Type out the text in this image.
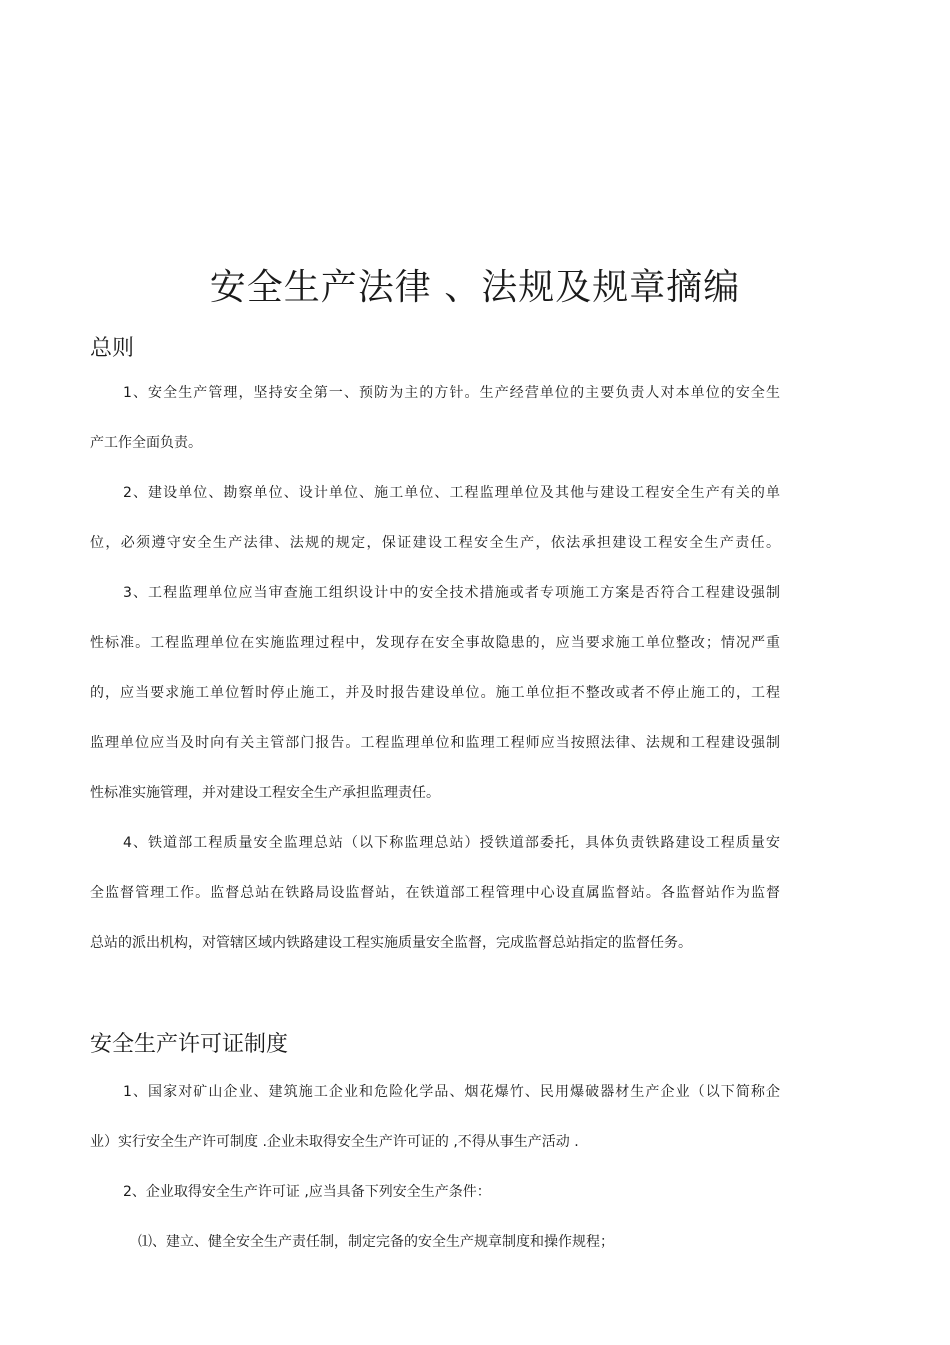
安全生产法律 、法规及规章摘编
总则

1、安全生产管理，坚持安全第一、预防为主的方针。生产经营单位的主要负责人对本单位的安全生

产工作全面负责。

2、建设单位、勘察单位、设计单位、施工单位、工程监理单位及其他与建设工程安全生产有关的单

位，必须遵守安全生产法律、法规的规定，保证建设工程安全生产，依法承担建设工程安全生产责任。

3、工程监理单位应当审查施工组织设计中的安全技术措施或者专项施工方案是否符合工程建设强制

性标准。工程监理单位在实施监理过程中，发现存在安全事故隐患的，应当要求施工单位整改；情况严重

的，应当要求施工单位暂时停止施工，并及时报告建设单位。施工单位拒不整改或者不停止施工的，工程

监理单位应当及时向有关主管部门报告。工程监理单位和监理工程师应当按照法律、法规和工程建设强制

性标准实施管理，并对建设工程安全生产承担监理责任。

4、铁道部工程质量安全监理总站（以下称监理总站）授铁道部委托，具体负责铁路建设工程质量安

全监督管理工作。监督总站在铁路局设监督站，在铁道部工程管理中心设直属监督站。各监督站作为监督

总站的派出机构，对管辖区域内铁路建设工程实施质量安全监督，完成监督总站指定的监督任务。

安全生产许可证制度

1、国家对矿山企业、建筑施工企业和危险化学品、烟花爆竹、民用爆破器材生产企业（以下简称企

业）实行安全生产许可制度 .企业未取得安全生产许可证的 ,不得从事生产活动 .

2、企业取得安全生产许可证 ,应当具备下列安全生产条件：

⑴、建立、健全安全生产责任制，制定完备的安全生产规章制度和操作规程；
